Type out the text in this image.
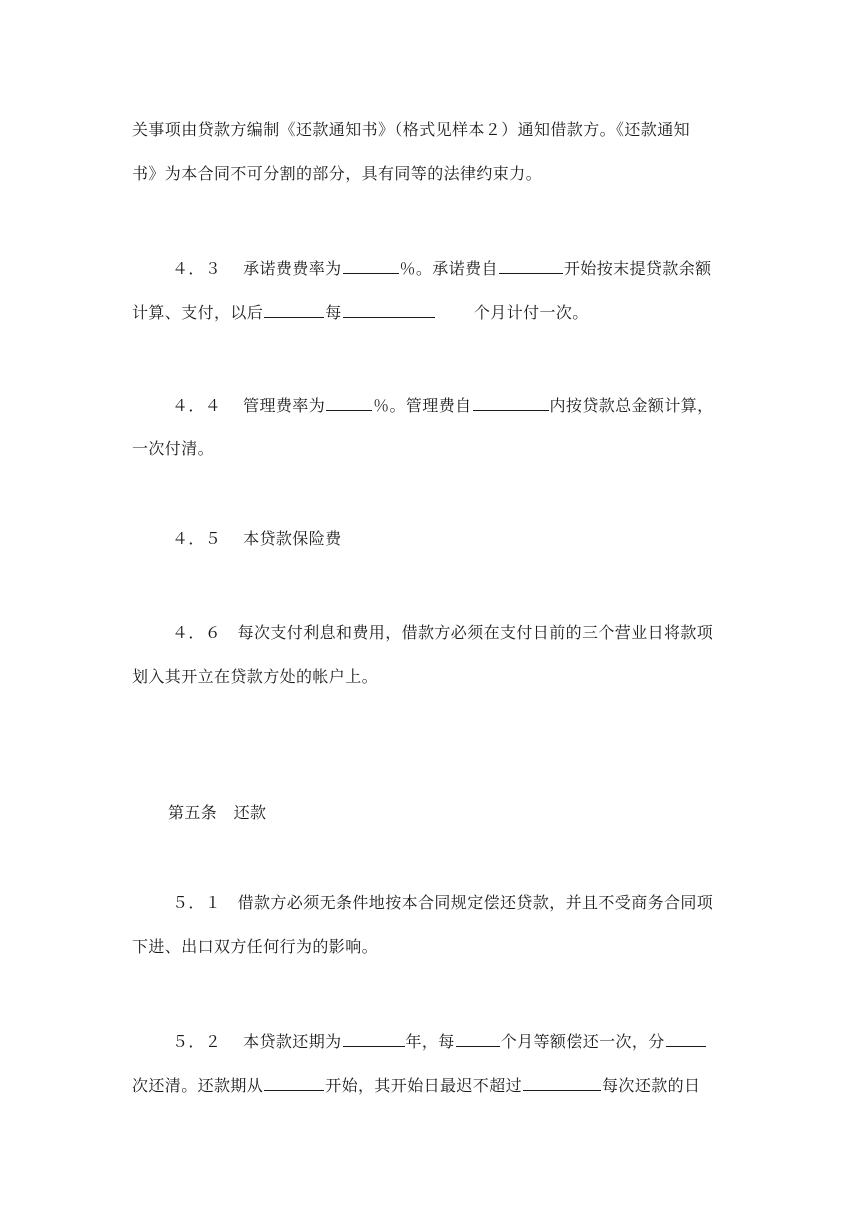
关事项由贷款方编制《还款通知书》（格式见样本２）通知借款方。《还款通知
书》为本合同不可分割的部分，具有同等的法律约束力。
４．３　 承诺费费率为	％。承诺费自	开始按末提贷款余额
计算、支付，以后	每　　	个月计付一次。
４．４　 管理费率为	％。管理费自	内按贷款总金额计算，
一次付清。
４．５　 本贷款保险费
４．６　 每次支付利息和费用，借款方必须在支付日前的三个营业日将款项
划入其开立在贷款方处的帐户上。
第五条　还款
５．１　 借款方必须无条件地按本合同规定偿还贷款，并且不受商务合同项
下进、出口双方任何行为的影响。
５．２　 本贷款还期为	年，每	个月等额偿还一次，分
次还清。还款期从	开始，其开始日最迟不超过	每次还款的日
